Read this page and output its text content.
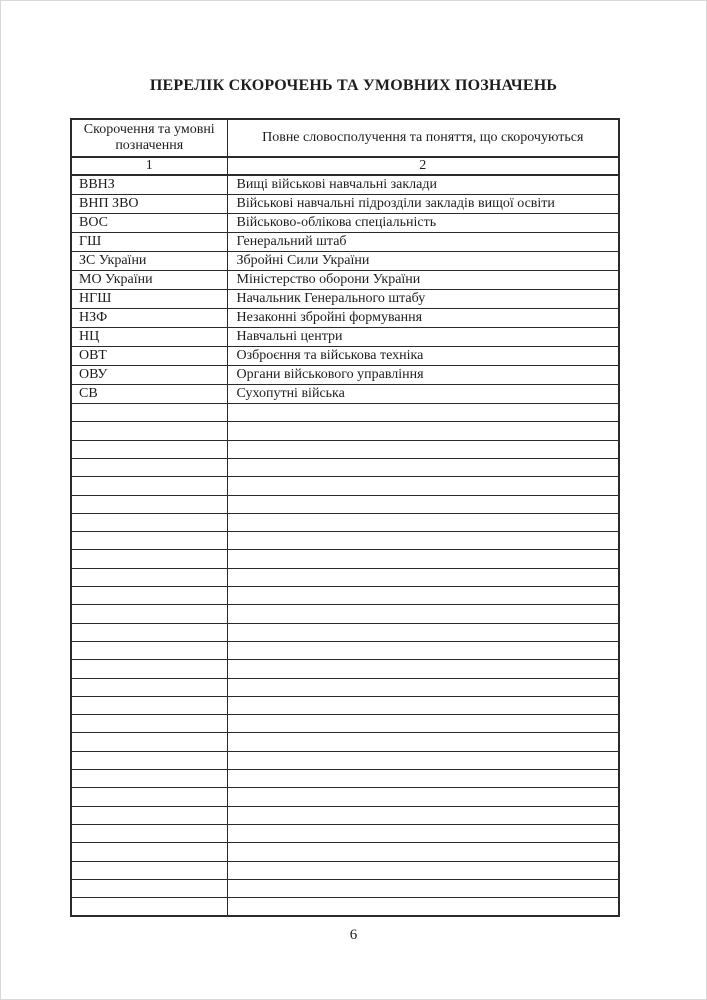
ПЕРЕЛІК СКОРОЧЕНЬ ТА УМОВНИХ ПОЗНАЧЕНЬ
Скорочення та умовні позначення	Повне словосполучення та поняття, що скорочуються
1	2
ВВНЗ	Вищі військові навчальні заклади
ВНП ЗВО	Військові навчальні підрозділи закладів вищої освіти
ВОС	Військово-облікова спеціальність
ГШ	Генеральний штаб
ЗС України	Збройні Сили України
МО України	Міністерство оборони України
НГШ	Начальник Генерального штабу
НЗФ	Незаконні збройні формування
НЦ	Навчальні центри
ОВТ	Озброєння та військова техніка
ОВУ	Органи військового управління
СВ	Сухопутні війська

6
